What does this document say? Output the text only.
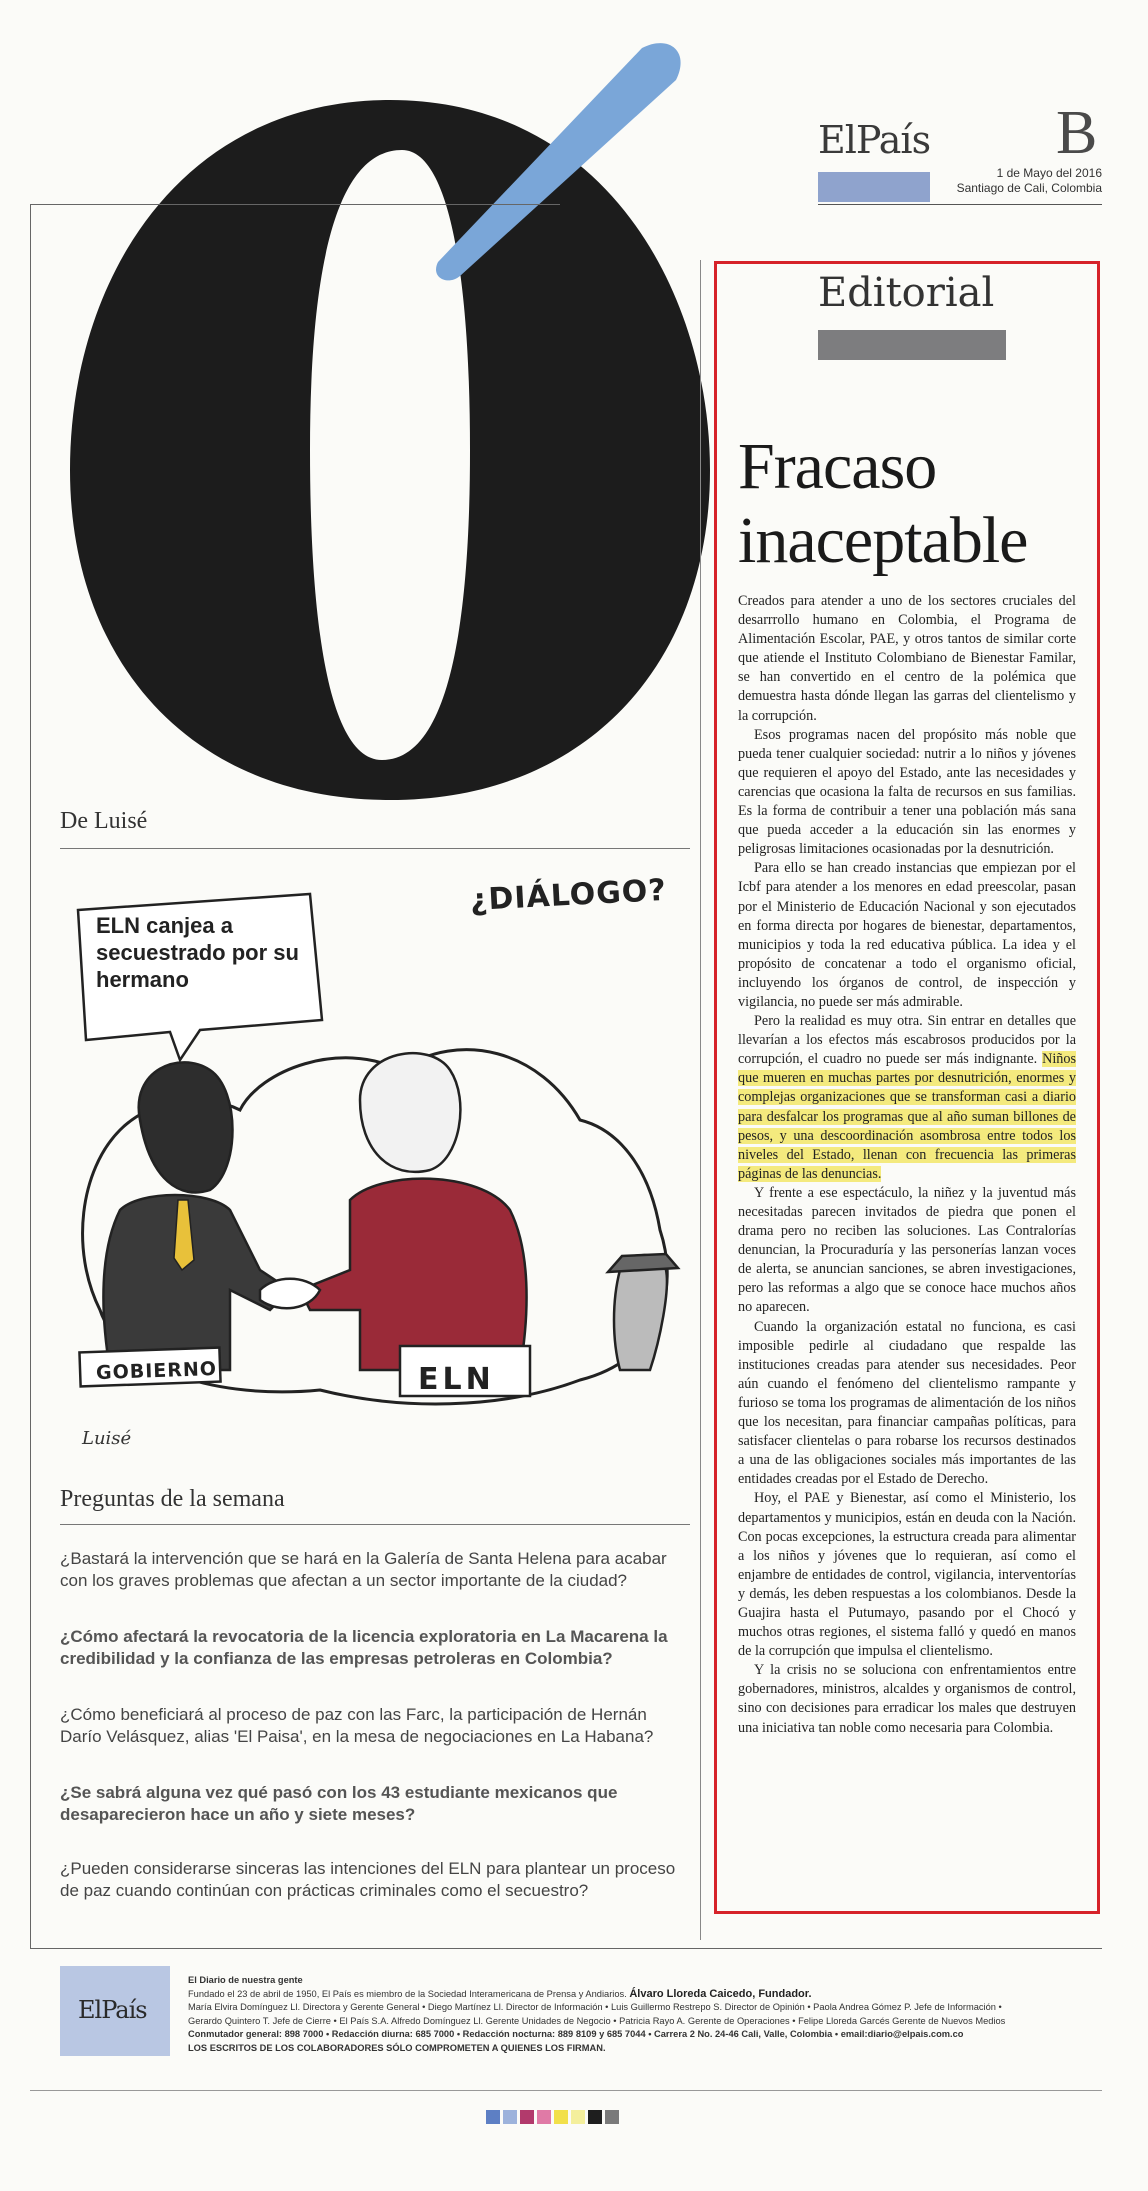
ElPaís B
1 de Mayo del 2016
Santiago de Cali, Colombia
Editorial
Fracaso inaceptable

Creados para atender a uno de los sectores cruciales del desarrrollo humano en Colombia, el Programa de Alimentación Escolar, PAE, y otros tantos de similar corte que atiende el Instituto Colombiano de Bienestar Familar, se han convertido en el centro de la polémica que demuestra hasta dónde llegan las garras del clientelismo y la corrupción.

Esos programas nacen del propósito más noble que pueda tener cualquier sociedad: nutrir a lo niños y jóvenes que requieren el apoyo del Estado, ante las necesidades y carencias que ocasiona la falta de recursos en sus familias. Es la forma de contribuir a tener una población más sana que pueda acceder a la educación sin las enormes y peligrosas limitaciones ocasionadas por la desnutrición.

Para ello se han creado instancias que empiezan por el Icbf para atender a los menores en edad preescolar, pasan por el Ministerio de Educación Nacional y son ejecutados en forma directa por hogares de bienestar, departamentos, municipios y toda la red educativa pública. La idea y el propósito de concatenar a todo el organismo oficial, incluyendo los órganos de control, de inspección y vigilancia, no puede ser más admirable.

Pero la realidad es muy otra. Sin entrar en detalles que llevarían a los efectos más escabrosos producidos por la corrupción, el cuadro no puede ser más indignante. Niños que mueren en muchas partes por desnutrición, enormes y complejas organizaciones que se transforman casi a diario para desfalcar los programas que al año suman billones de pesos, y una descoordinación asombrosa entre todos los niveles del Estado, llenan con frecuencia las primeras páginas de las denuncias.

Y frente a ese espectáculo, la niñez y la juventud más necesitadas parecen invitados de piedra que ponen el drama pero no reciben las soluciones. Las Contralorías denuncian, la Procuraduría y las personerías lanzan voces de alerta, se anuncian sanciones, se abren investigaciones, pero las reformas a algo que se conoce hace muchos años no aparecen.

Cuando la organización estatal no funciona, es casi imposible pedirle al ciudadano que respalde las instituciones creadas para atender sus necesidades. Peor aún cuando el fenómeno del clientelismo rampante y furioso se toma los programas de alimentación de los niños que los necesitan, para financiar campañas políticas, para satisfacer clientelas o para robarse los recursos destinados a una de las obligaciones sociales más importantes de las entidades creadas por el Estado de Derecho.

Hoy, el PAE y Bienestar, así como el Ministerio, los departamentos y municipios, están en deuda con la Nación. Con pocas excepciones, la estructura creada para alimentar a los niños y jóvenes que lo requieran, así como el enjambre de entidades de control, vigilancia, interventorías y demás, les deben respuestas a los colombianos. Desde la Guajira hasta el Putumayo, pasando por el Chocó y muchos otras regiones, el sistema falló y quedó en manos de la corrupción que impulsa el clientelismo.

Y la crisis no se soluciona con enfrentamientos entre gobernadores, ministros, alcaldes y organismos de control, sino con decisiones para erradicar los males que destruyen una iniciativa tan noble como necesaria para Colombia.

De Luisé
ELN canjea a secuestrado por su hermano
¿DIÁLOGO?
GOBIERNO	ELN
Luisé
Preguntas de la semana
¿Bastará la intervención que se hará en la Galería de Santa Helena para acabar con los graves problemas que afectan a un sector importante de la ciudad?
¿Cómo afectará la revocatoria de la licencia exploratoria en La Macarena la credibilidad y la confianza de las empresas petroleras en Colombia?
¿Cómo beneficiará al proceso de paz con las Farc, la participación de Hernán Darío Velásquez, alias 'El Paisa', en la mesa de negociaciones en La Habana?
¿Se sabrá alguna vez qué pasó con los 43 estudiante mexicanos que desaparecieron hace un año y siete meses?
¿Pueden considerarse sinceras las intenciones del ELN para plantear un proceso de paz cuando continúan con prácticas criminales como el secuestro?
ElPaís
El Diario de nuestra gente
Fundado el 23 de abril de 1950, El País es miembro de la Sociedad Interamericana de Prensa y Andiarios. Álvaro Lloreda Caicedo, Fundador.
María Elvira Domínguez Ll. Directora y Gerente General • Diego Martínez Ll. Director de Información • Luis Guillermo Restrepo S. Director de Opinión • Paola Andrea Gómez P. Jefe de Información •
Gerardo Quintero T. Jefe de Cierre • El País S.A. Alfredo Domínguez Ll. Gerente Unidades de Negocio • Patricia Rayo A. Gerente de Operaciones • Felipe Lloreda Garcés Gerente de Nuevos Medios
Conmutador general: 898 7000 • Redacción diurna: 685 7000 • Redacción nocturna: 889 8109 y 685 7044 • Carrera 2 No. 24-46 Cali, Valle, Colombia • email:diario@elpais.com.co
LOS ESCRITOS DE LOS COLABORADORES SÓLO COMPROMETEN A QUIENES LOS FIRMAN.
